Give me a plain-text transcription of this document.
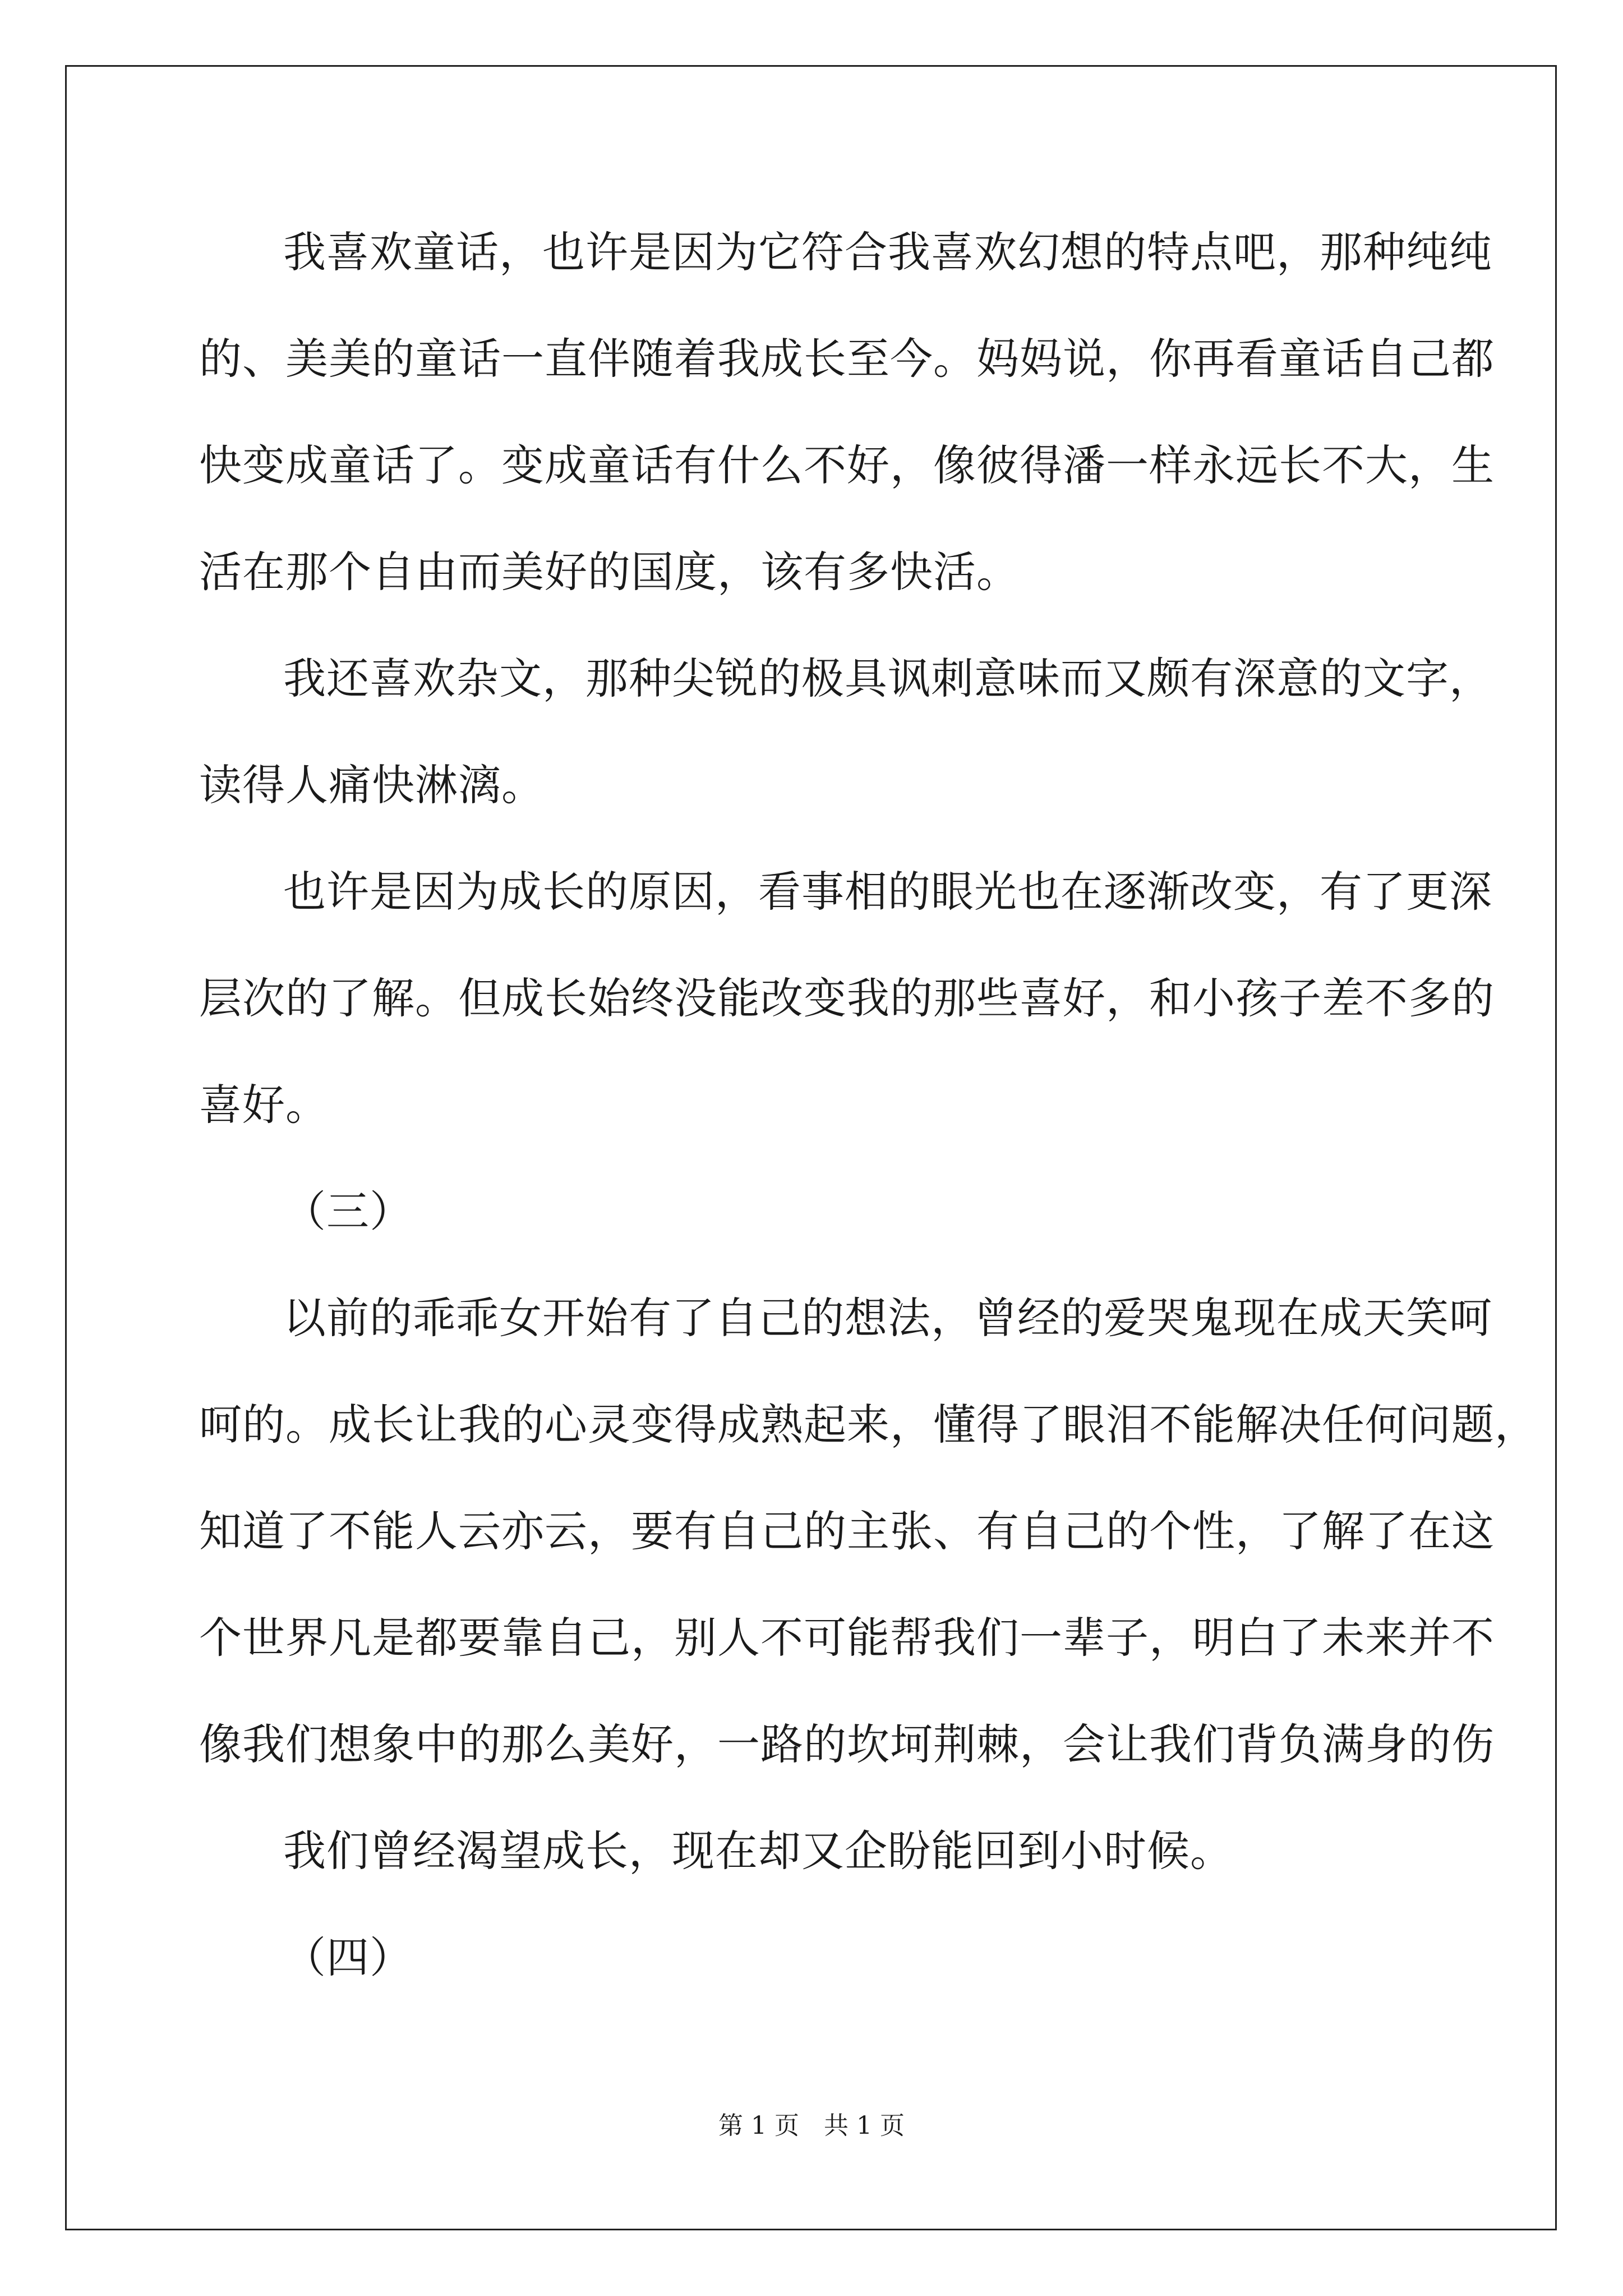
我喜欢童话，也许是因为它符合我喜欢幻想的特点吧，那种纯纯
的、美美的童话一直伴随着我成长至今。妈妈说，你再看童话自己都
快变成童话了。变成童话有什么不好，像彼得潘一样永远长不大，生
活在那个自由而美好的国度，该有多快活。
我还喜欢杂文，那种尖锐的极具讽刺意味而又颇有深意的文字，
读得人痛快淋漓。
也许是因为成长的原因，看事相的眼光也在逐渐改变，有了更深
层次的了解。但成长始终没能改变我的那些喜好，和小孩子差不多的
喜好。
（三）
以前的乖乖女开始有了自己的想法，曾经的爱哭鬼现在成天笑呵
呵的。成长让我的心灵变得成熟起来，懂得了眼泪不能解决任何问题，
知道了不能人云亦云，要有自己的主张、有自己的个性，了解了在这
个世界凡是都要靠自己，别人不可能帮我们一辈子，明白了未来并不
像我们想象中的那么美好，一路的坎坷荆棘，会让我们背负满身的伤
我们曾经渴望成长，现在却又企盼能回到小时候。
（四）
第 1 页　共 1 页
